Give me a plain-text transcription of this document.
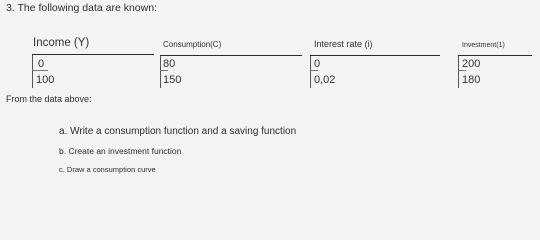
3. The following data are known:
Income (Y)	Consumption(C)	Interest rate (i)	Investment(1)
0	80	0	200
100	150	0,02	180
From the data above:
a. Write a consumption function and a saving function
b. Create an investment function
c. Draw a consumption curve
